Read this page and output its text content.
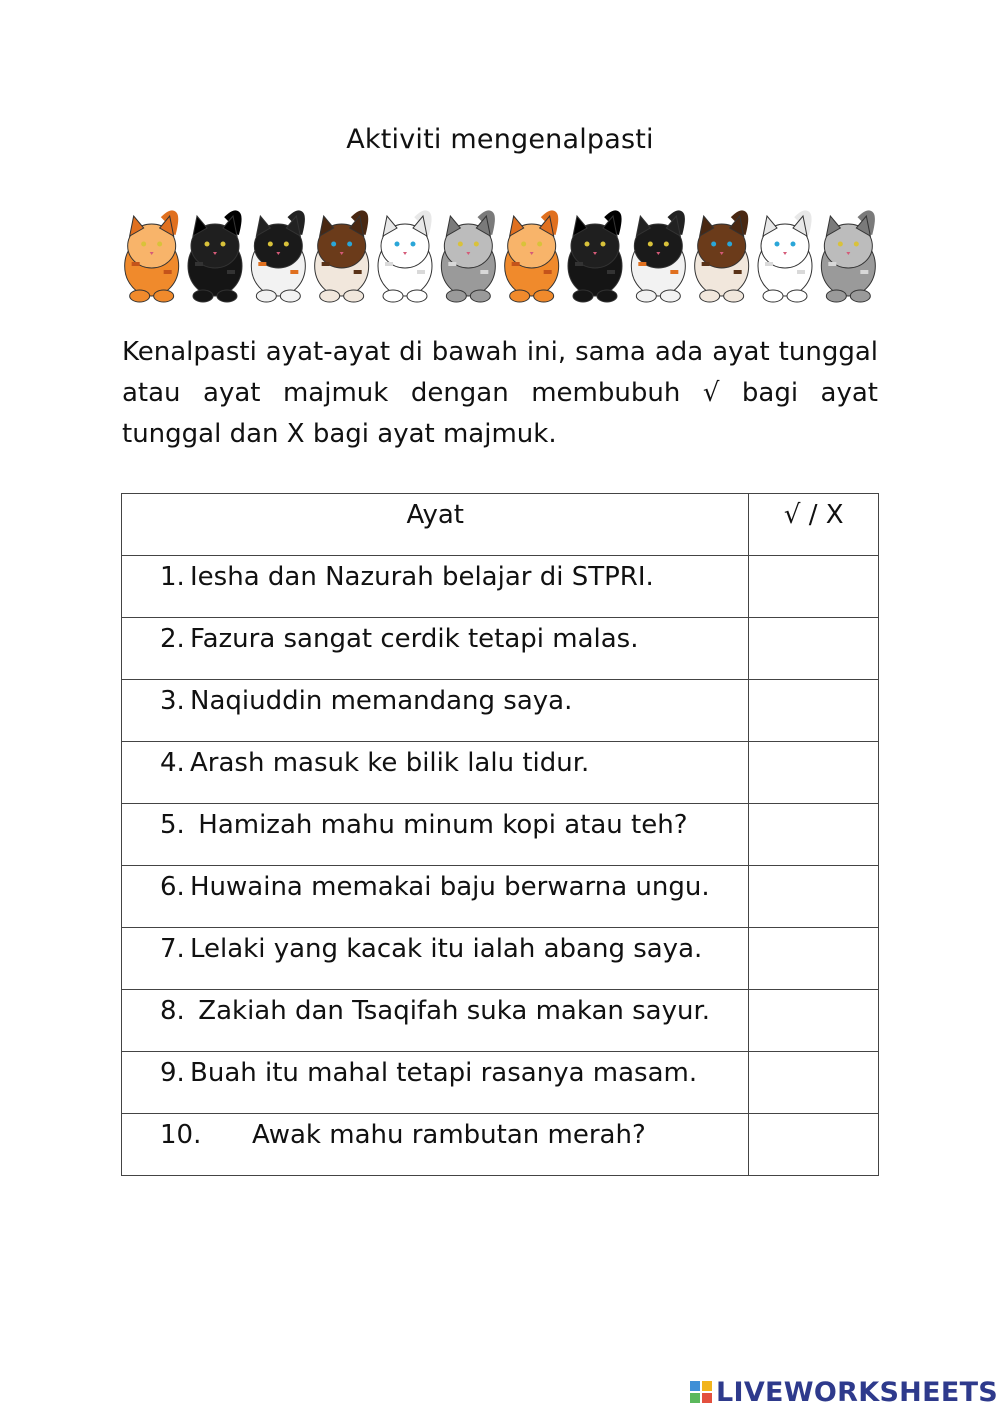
Aktiviti mengenalpasti
Kenalpasti ayat-ayat di bawah ini, sama ada ayat tunggal atau ayat majmuk dengan membubuh √ bagi ayat tunggal dan X bagi ayat majmuk.
Ayat	√ / X

1. Iesha dan Nazurah belajar di STPRI.	

2. Fazura sangat cerdik tetapi malas.	

3. Naqiuddin memandang saya.	

4. Arash masuk ke bilik lalu tidur.	

5. Hamizah mahu minum kopi atau teh?	

6. Huwaina memakai baju berwarna ungu.	

7. Lelaki yang kacak itu ialah abang saya.	

8. Zakiah dan Tsaqifah suka makan sayur.	

9. Buah itu mahal tetapi rasanya masam.	

10. Awak mahu rambutan merah?	

LIVEWORKSHEETS
